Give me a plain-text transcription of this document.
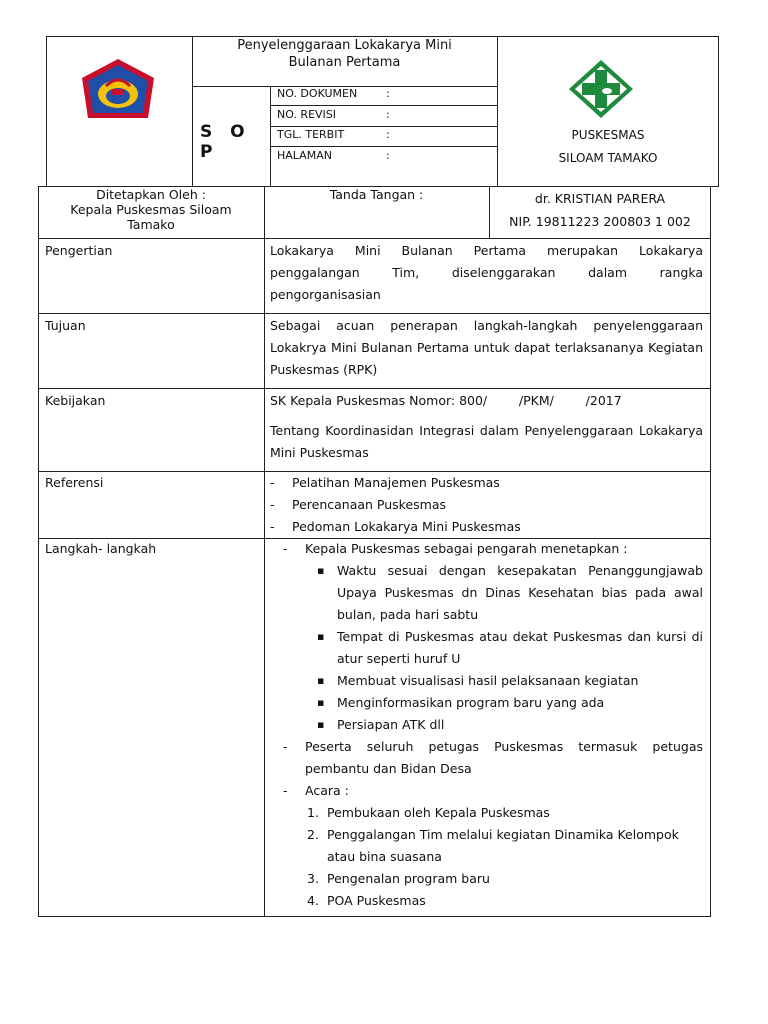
Penyelenggaraan Lokakarya Mini
Bulanan Pertama
S O P
NO. DOKUMEN	:
NO. REVISI	:
TGL. TERBIT	:
HALAMAN	:
PUSKESMAS
SILOAM TAMAKO
Ditetapkan Oleh :
Kepala Puskesmas Siloam
Tamako
Tanda Tangan :	dr. KRISTIAN PARERA
NIP. 19811223 200803 1 002
Pengertian	Lokakarya Mini Bulanan Pertama merupakan Lokakarya penggalangan Tim, diselenggarakan dalam rangka pengorganisasian
Tujuan	Sebagai acuan penerapan langkah-langkah penyelenggaraan Lokakrya Mini Bulanan Pertama untuk dapat terlaksananya Kegiatan Puskesmas (RPK)
Kebijakan	SK Kepala Puskesmas Nomor: 800/        /PKM/        /2017
Tentang Koordinasidan Integrasi dalam Penyelenggaraan Lokakarya Mini Puskesmas
Referensi	- Pelatihan Manajemen Puskesmas
- Perencanaan Puskesmas
- Pedoman Lokakarya Mini Puskesmas
Langkah- langkah	- Kepala Puskesmas sebagai pengarah menetapkan :
▪ Waktu sesuai dengan kesepakatan Penanggungjawab Upaya Puskesmas dn Dinas Kesehatan bias pada awal bulan, pada hari sabtu
▪ Tempat di Puskesmas atau dekat Puskesmas dan kursi di atur seperti huruf U
▪ Membuat visualisasi hasil pelaksanaan kegiatan
▪ Menginformasikan program baru yang ada
▪ Persiapan ATK dll
- Peserta seluruh petugas Puskesmas termasuk petugas pembantu dan Bidan Desa
- Acara :
1. Pembukaan oleh Kepala Puskesmas
2. Penggalangan Tim melalui kegiatan Dinamika Kelompok atau bina suasana
3. Pengenalan program baru
4. POA Puskesmas
